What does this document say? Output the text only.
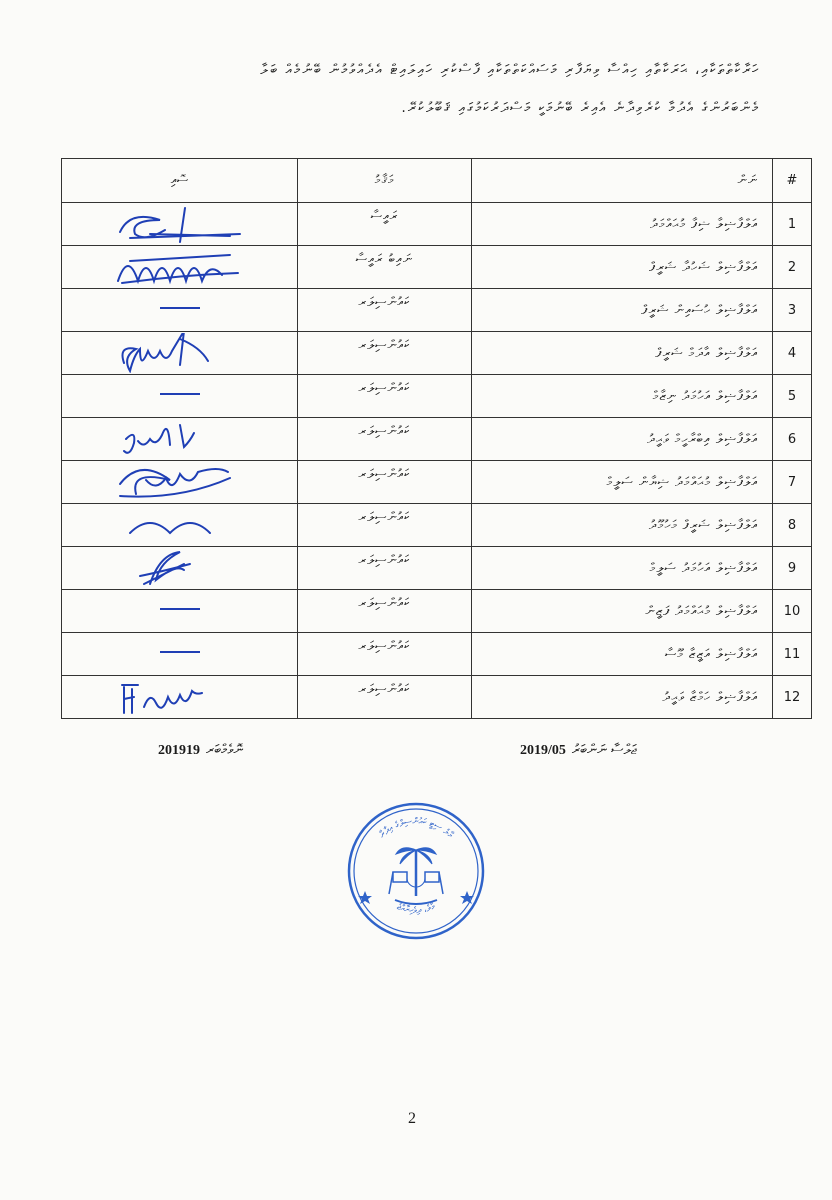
ހަރާކާތްތަކާއި، ޙަރަކާތާއި ހިއްސާ ވިޔަފާރި މަސައްކަތްތަކާއި ފާސްކުރި ހައިލައިޓް އެދެއްވުމުން ބޭނުމެއް ބަލާ
މެންބަރުންގެ އެދުމާ ކުރެވިދާނެ އެއިރެ ބޭނުމަކީ މަސްދަރުކަމުގައި ޤަބޫލުކުރޭ.
#	ނަން	މަޤާމު	ސޮއި
1	އަލްފާޟިލާ ޝިފާ މުޙައްމަދު	ރައީސާ	

2	އަލްފާޟިލް ޝަހުދާ ޝަރީފް	ނައިބު ރައީސާ	

3	އަލްފާޟިލް ހުސައިން ޝަރީފް	ކައުންސިލަރ	

4	އަލްފާޟިލް އާދަމް ޝަރީފް	ކައުންސިލަރ	

5	އަލްފާޟިލް އަހުމަދު ނިޒާމް	ކައުންސިލަރ	

6	އަލްފާޟިލް އިބްރާހީމް ވަޙީދު	ކައުންސިލަރ	

7	އަލްފާޟިލް މުޙައްމަދު ޝިޔާން ސަލީމް	ކައުންސިލަރ	

8	އަލްފާޟިލް ޝަރީފް މަހުމޫދު	ކައުންސިލަރ	

9	އަލްފާޟިލް އަހުމަދު ސަލީމް	ކައުންސިލަރ	

10	އަލްފާޟިލް މުޙައްމަދު ފަޒީން	ކައުންސިލަރ	

11	އަލްފާޟިލް އަޒީޒާ މޫސާ	ކައުންސިލަރ	

12	އަލްފާޟިލް ހަމްޒާ ވަޙީދު	ކައުންސިލަރ	
2019/05 ޖަލްސާ ނަންބަރު
2019 ނޮވެމްބަރ19
މާލެ ސިޓީ ކައުންސިލްގެ އިދާރާ
މާލެ، ދިވެހިރާއްޖެ
2
